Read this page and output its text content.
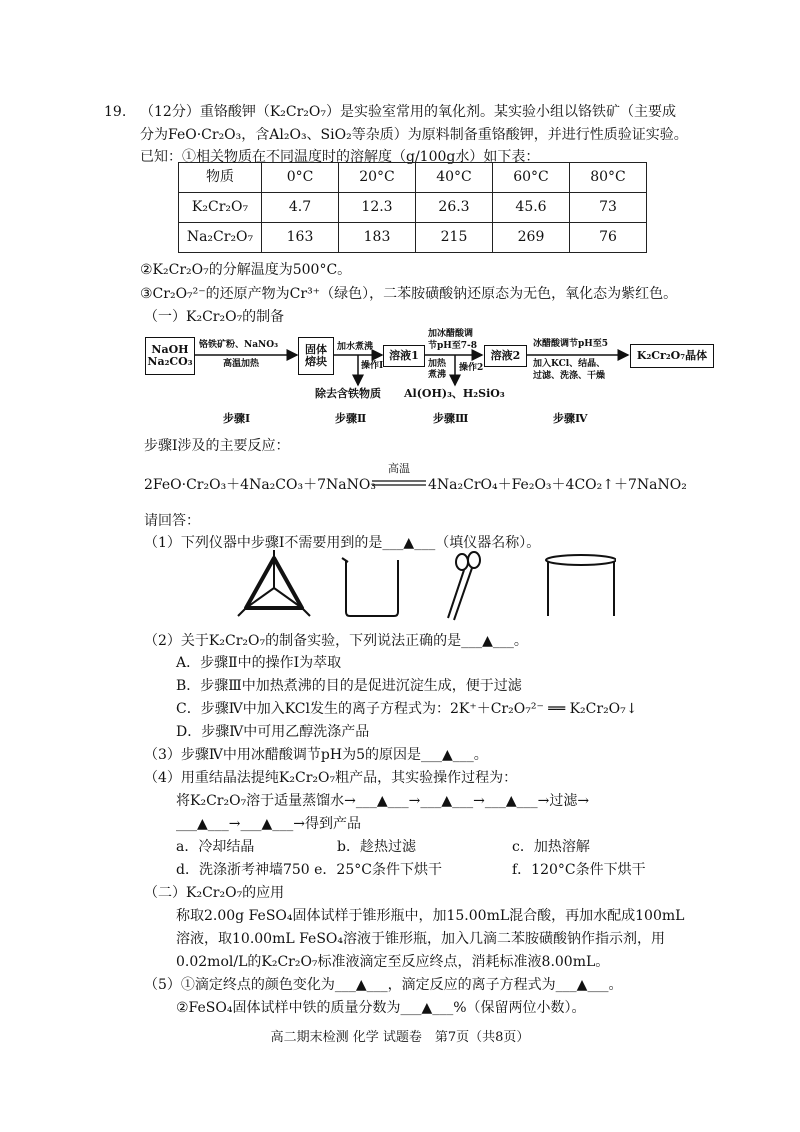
19. （12分）重铬酸钾（K₂Cr₂O₇）是实验室常用的氧化剂。某实验小组以铬铁矿（主要成
分为FeO·Cr₂O₃，含Al₂O₃、SiO₂等杂质）为原料制备重铬酸钾，并进行性质验证实验。
已知：①相关物质在不同温度时的溶解度（g/100g水）如下表：
物质	0°C	20°C	40°C	60°C	80°C
K₂Cr₂O₇	4.7	12.3	26.3	45.6	73
Na₂Cr₂O₇	163	183	215	269	76
②K₂Cr₂O₇的分解温度为500°C。
③Cr₂O₇²⁻的还原产物为Cr³⁺（绿色），二苯胺磺酸钠还原态为无色，氧化态为紫红色。
（一）K₂Cr₂O₇的制备
NaOH
Na₂CO₃
铬铁矿粉、NaNO₃
高温加热
固体
熔块
加水煮沸
操作Ⅰ
溶液1
加冰醋酸调
节pH至7-8
加热
煮沸
操作2
溶液2
冰醋酸调节pH至5
加入KCl、结晶、
过滤、洗涤、干燥
K₂Cr₂O₇晶体
除去含铁物质 Al(OH)₃、H₂SiO₃
步骤Ⅰ	步骤Ⅱ	步骤Ⅲ	步骤Ⅳ
步骤Ⅰ涉及的主要反应：
2FeO·Cr₂O₃＋4Na₂CO₃＋7NaNO₃
高温
4Na₂CrO₄＋Fe₂O₃＋4CO₂↑＋7NaNO₂
请回答：
（1）下列仪器中步骤Ⅰ不需要用到的是___▲___（填仪器名称）。
（2）关于K₂Cr₂O₇的制备实验，下列说法正确的是___▲___。
A．步骤Ⅱ中的操作Ⅰ为萃取
B．步骤Ⅲ中加热煮沸的目的是促进沉淀生成，便于过滤
C．步骤Ⅳ中加入KCl发生的离子方程式为：2K⁺＋Cr₂O₇²⁻ ══ K₂Cr₂O₇↓
D．步骤Ⅳ中可用乙醇洗涤产品
（3）步骤Ⅳ中用冰醋酸调节pH为5的原因是___▲___。
（4）用重结晶法提纯K₂Cr₂O₇粗产品，其实验操作过程为：
将K₂Cr₂O₇溶于适量蒸馏水→___▲___→___▲___→___▲___→过滤→
___▲___→___▲___→得到产品
a．冷却结晶	b．趁热过滤	c．加热溶解
d．洗涤浙考神墙750 e．25°C条件下烘干	f．120°C条件下烘干
（二）K₂Cr₂O₇的应用
称取2.00g FeSO₄固体试样于锥形瓶中，加15.00mL混合酸，再加水配成100mL
溶液，取10.00mL FeSO₄溶液于锥形瓶，加入几滴二苯胺磺酸钠作指示剂，用
0.02mol/L的K₂Cr₂O₇标准液滴定至反应终点，消耗标准液8.00mL。
（5）①滴定终点的颜色变化为___▲___，滴定反应的离子方程式为___▲___。
②FeSO₄固体试样中铁的质量分数为___▲___%（保留两位小数）。
高二期末检测 化学 试题卷　第7页（共8页）
